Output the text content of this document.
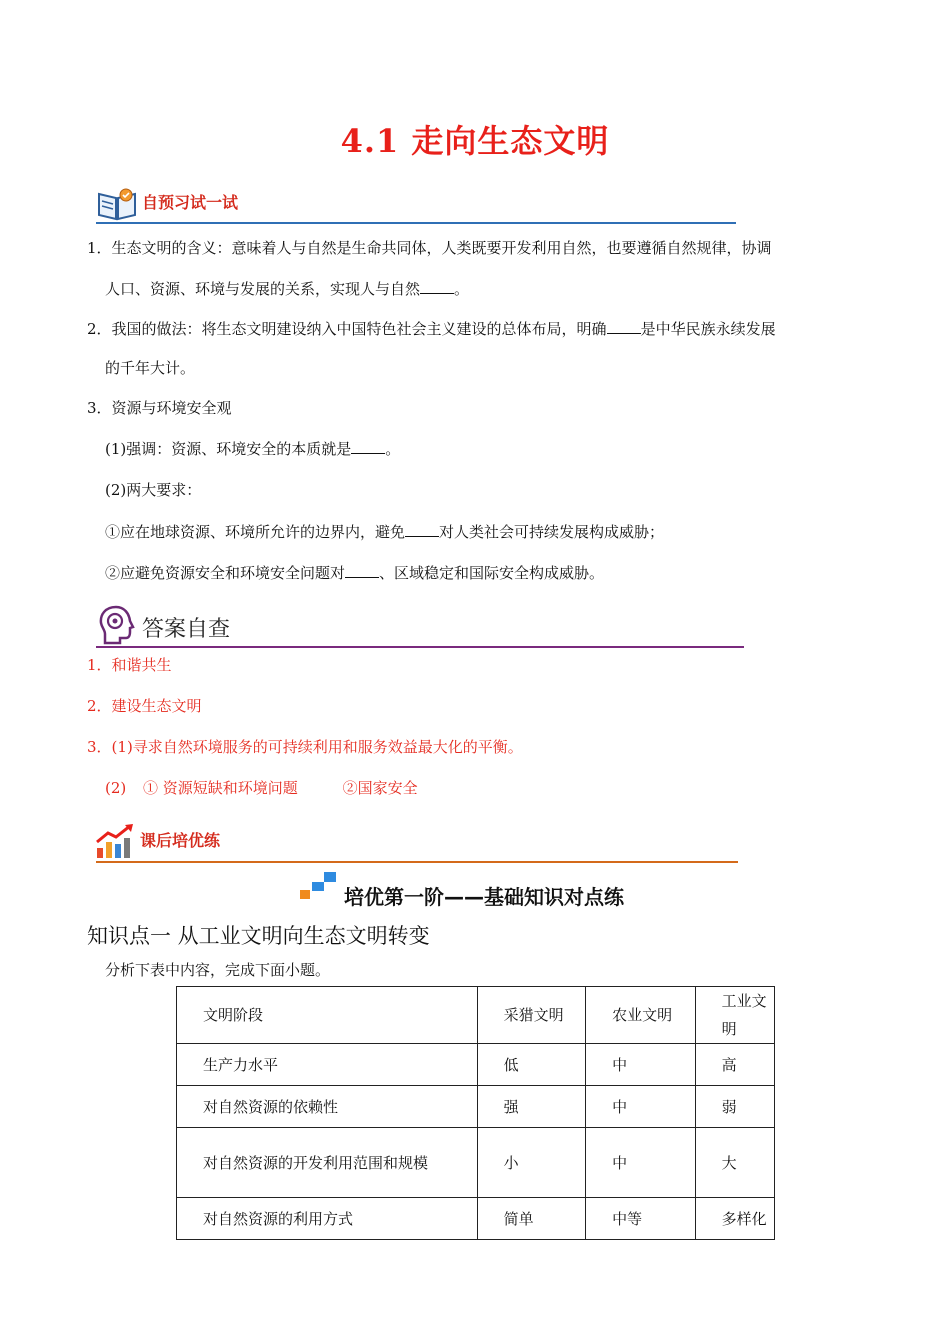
4.1 走向生态文明
自预习试一试
1．生态文明的含义：意味着人与自然是生命共同体，人类既要开发利用自然，也要遵循自然规律，协调
人口、资源、环境与发展的关系，实现人与自然 。
2．我国的做法：将生态文明建设纳入中国特色社会主义建设的总体布局，明确 是中华民族永续发展
的千年大计。
3．资源与环境安全观
(1)强调：资源、环境安全的本质就是 。
(2)两大要求：
①应在地球资源、环境所允许的边界内，避免 对人类社会可持续发展构成威胁；
②应避免资源安全和环境安全问题对 、区域稳定和国际安全构成威胁。
答案自查
1．和谐共生
2．建设生态文明
3．(1)寻求自然环境服务的可持续利用和服务效益最大化的平衡。
(2) ① 资源短缺和环境问题	②国家安全
课后培优练
培优第一阶——基础知识对点练
知识点一 从工业文明向生态文明转变
分析下表中内容，完成下面小题。
文明阶段	采猎文明	农业文明	工业文明
生产力水平	低	中	高
对自然资源的依赖性	强	中	弱
对自然资源的开发利用范围和规模	小	中	大
对自然资源的利用方式	简单	中等	多样化
